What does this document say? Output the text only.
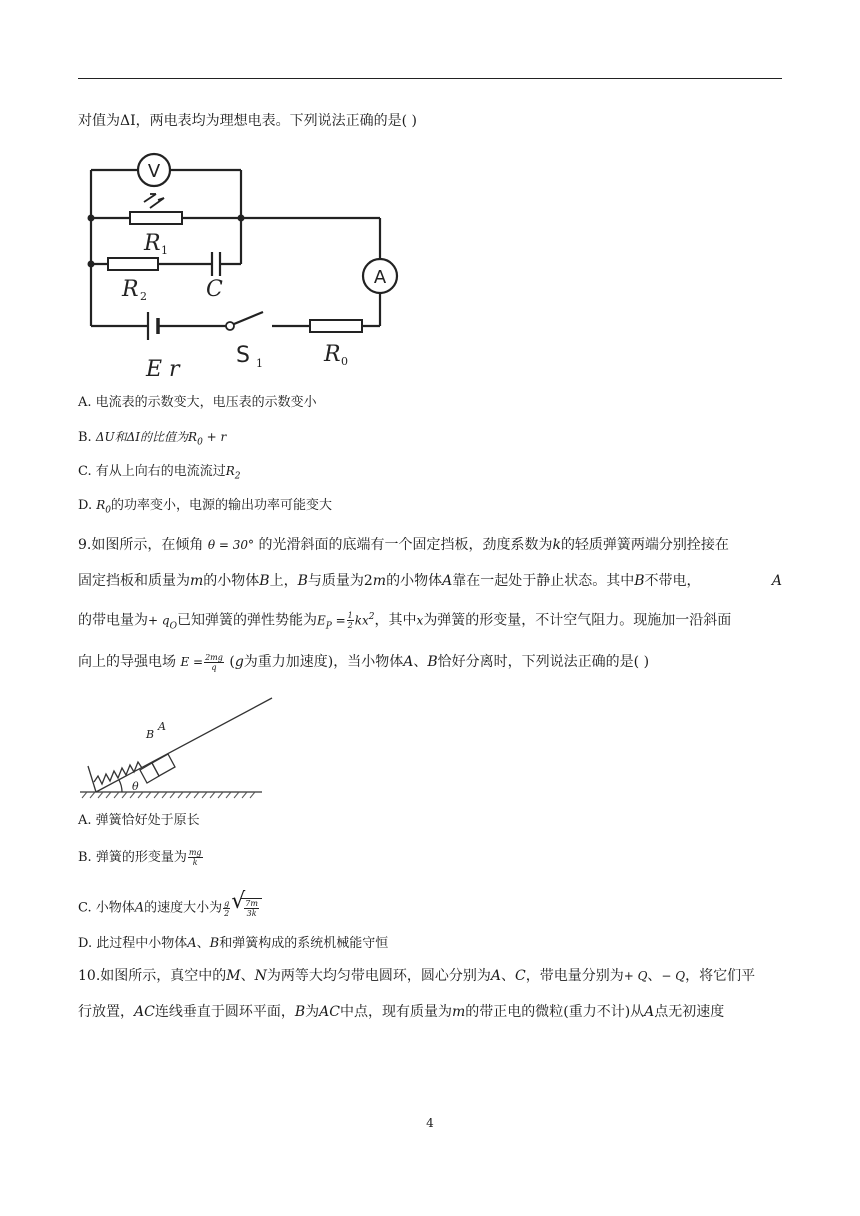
对值为ΔI，两电表均为理想电表。下列说法正确的是( )
V
A
R
R	C
E r
R
1
2
0
1
S
A. 电流表的示数变大，电压表的示数变小
B. ΔU和ΔI的比值为$R_0 + r$
C. 有从上向右的电流流过$R_2$
D. $R_0$的功率变小，电源的输出功率可能变大
9.如图所示，在倾角 θ = 30° 的光滑斜面的底端有一个固定挡板，劲度系数为k的轻质弹簧两端分别拴接在
固定挡板和质量为m的小物体B上，B与质量为2m的小物体A靠在一起处于静止状态。其中B不带电，	A
的带电量为+ $q_O$已知弹簧的弹性势能为$E_P = \frac{1}{2} kx^2$，其中x为弹簧的形变量，不计空气阻力。现施加一沿斜面
向上的导强电场 $E = \frac{2mg}{q} (g$为重力加速度)，当小物体A、B恰好分离时，下列说法正确的是( )
B
A
θ
A. 弹簧恰好处于原长
B. 弹簧的形变量为 $\frac{mg}{k}$
C. 小物体A的速度大小为 $\frac{g}{2}$
√ $\frac{7m}{3k}$
D. 此过程中小物体A、B和弹簧构成的系统机械能守恒
10.如图所示，真空中的M、N为两等大均匀带电圆环，圆心分别为A、C，带电量分别为+ Q、− Q，将它们平
行放置，AC连线垂直于圆环平面，B为AC中点，现有质量为m的带正电的微粒(重力不计)从A点无初速度
4
